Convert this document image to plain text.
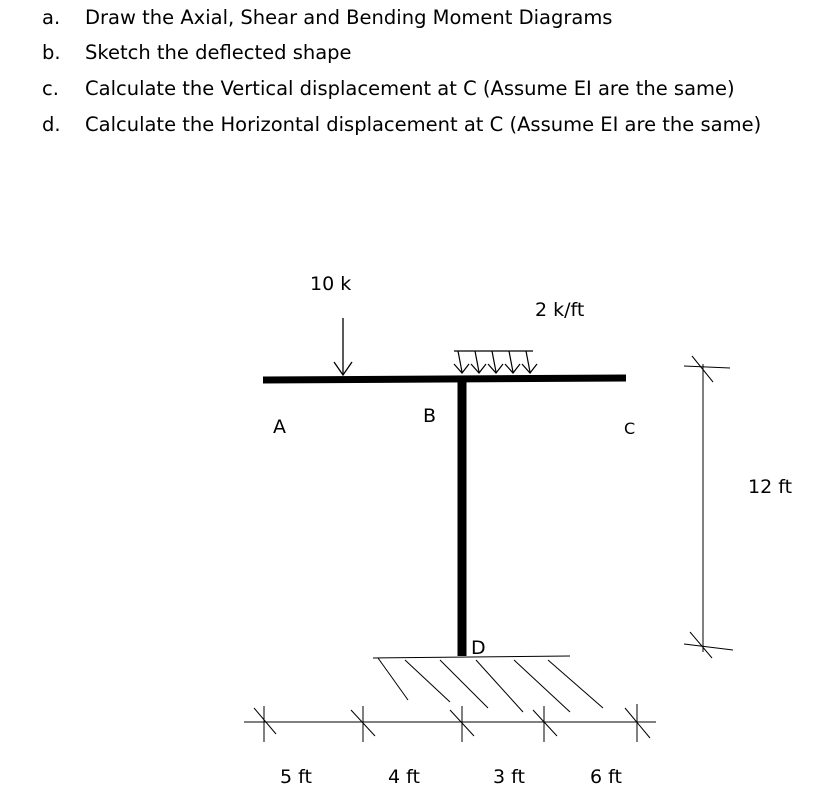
a. Draw the Axial, Shear and Bending Moment Diagrams
b. Sketch the deflected shape
c. Calculate the Vertical displacement at C (Assume EI are the same)
d. Calculate the Horizontal displacement at C (Assume EI are the same)
10 k
2 k/ft
A	B
C
D
12 ft
5 ft	4 ft	3 ft	6 ft
